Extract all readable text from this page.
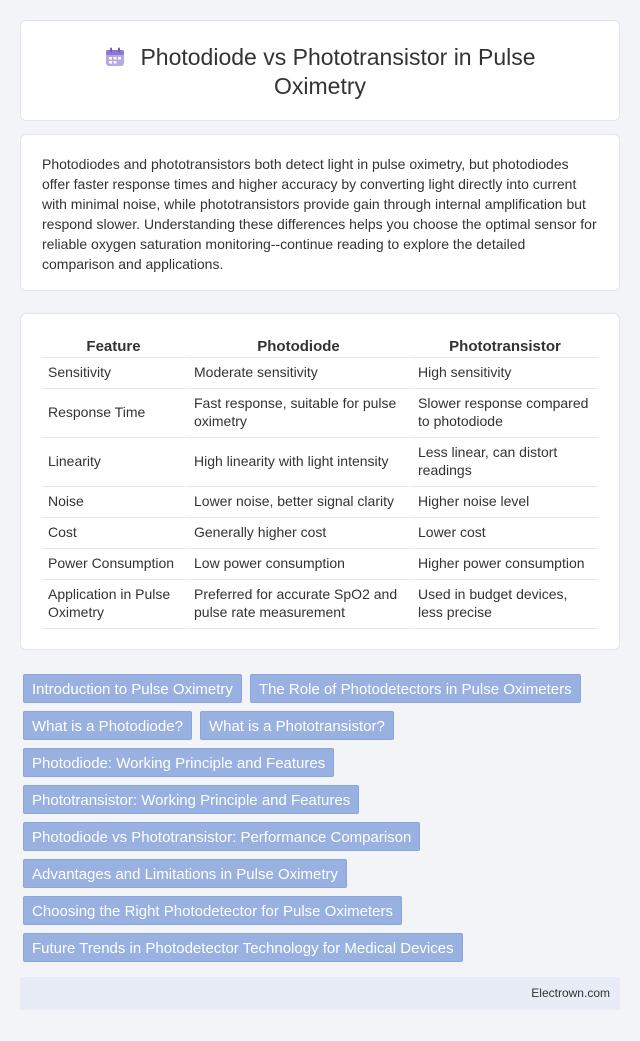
Photodiode vs Phototransistor in Pulse
Oximetry

Photodiodes and phototransistors both detect light in pulse oximetry, but photodiodes offer faster response times and higher accuracy by converting light directly into current with minimal noise, while phototransistors provide gain through internal amplification but respond slower. Understanding these differences helps you choose the optimal sensor for reliable oxygen saturation monitoring--continue reading to explore the detailed comparison and applications.

Feature	Photodiode	Phototransistor
Sensitivity	Moderate sensitivity	High sensitivity
Response Time	Fast response, suitable for pulse oximetry	Slower response compared to photodiode
Linearity	High linearity with light intensity	Less linear, can distort readings
Noise	Lower noise, better signal clarity	Higher noise level
Cost	Generally higher cost	Lower cost
Power Consumption	Low power consumption	Higher power consumption
Application in Pulse Oximetry	Preferred for accurate SpO2 and pulse rate measurement	Used in budget devices, less precise
Introduction to Pulse Oximetry	The Role of Photodetectors in Pulse Oximeters
What is a Photodiode?	What is a Phototransistor?
Photodiode: Working Principle and Features
Phototransistor: Working Principle and Features
Photodiode vs Phototransistor: Performance Comparison
Advantages and Limitations in Pulse Oximetry
Choosing the Right Photodetector for Pulse Oximeters
Future Trends in Photodetector Technology for Medical Devices
Electrown.com
